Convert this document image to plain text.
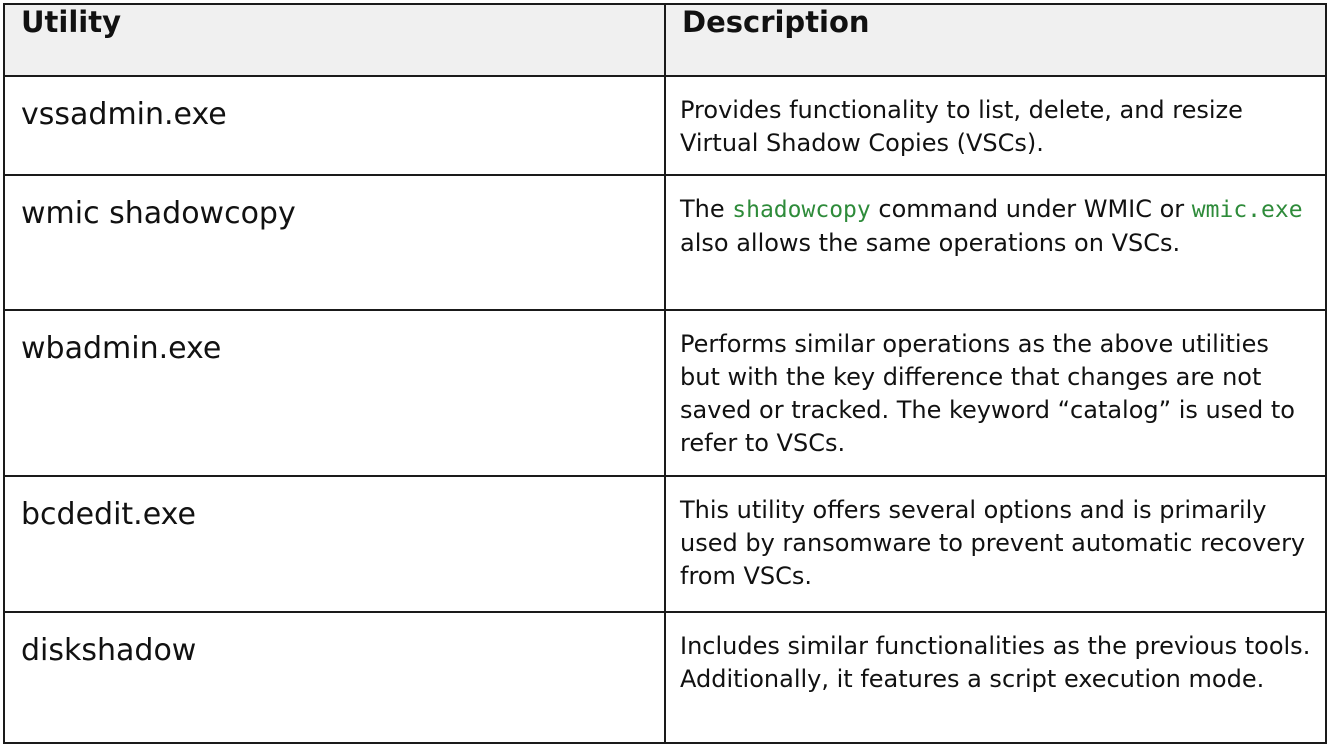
Utility	Description
vssadmin.exe	Provides functionality to list, delete, and resize Virtual Shadow Copies (VSCs).
wmic shadowcopy	The shadowcopy command under WMIC or wmic.exe also allows the same operations on VSCs.
wbadmin.exe	Performs similar operations as the above utilities but with the key difference that changes are not saved or tracked. The keyword “catalog” is used to refer to VSCs.
bcdedit.exe	This utility offers several options and is primarily used by ransomware to prevent automatic recovery from VSCs.
diskshadow	Includes similar functionalities as the previous tools. Additionally, it features a script execution mode.
